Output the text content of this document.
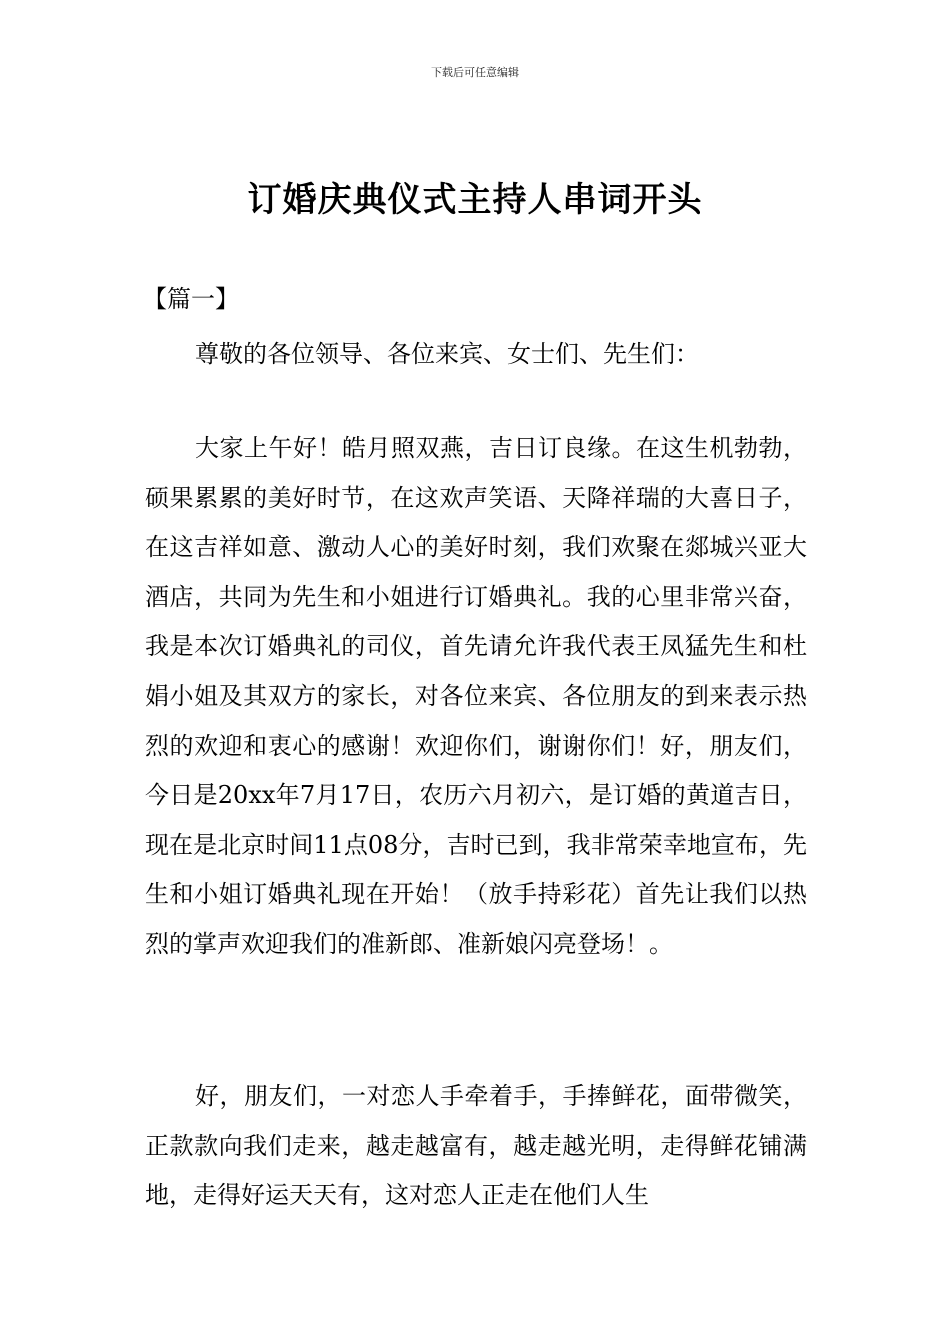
下载后可任意编辑
订婚庆典仪式主持人串词开头
【篇一】

尊敬的各位领导、各位来宾、女士们、先生们：

大家上午好！皓月照双燕，吉日订良缘。在这生机勃勃，硕果累累的美好时节，在这欢声笑语、天降祥瑞的大喜日子，在这吉祥如意、激动人心的美好时刻，我们欢聚在郯城兴亚大酒店，共同为先生和小姐进行订婚典礼。我的心里非常兴奋，我是本次订婚典礼的司仪，首先请允许我代表王凤猛先生和杜娟小姐及其双方的家长，对各位来宾、各位朋友的到来表示热烈的欢迎和衷心的感谢！欢迎你们，谢谢你们！好，朋友们，今日是20xx年7月17日，农历六月初六，是订婚的黄道吉日，现在是北京时间11点08分，吉时已到，我非常荣幸地宣布，先生和小姐订婚典礼现在开始！（放手持彩花）首先让我们以热烈的掌声欢迎我们的准新郎、准新娘闪亮登场！。

好，朋友们，一对恋人手牵着手，手捧鲜花，面带微笑，正款款向我们走来，越走越富有，越走越光明，走得鲜花铺满地，走得好运天天有，这对恋人正走在他们人生
